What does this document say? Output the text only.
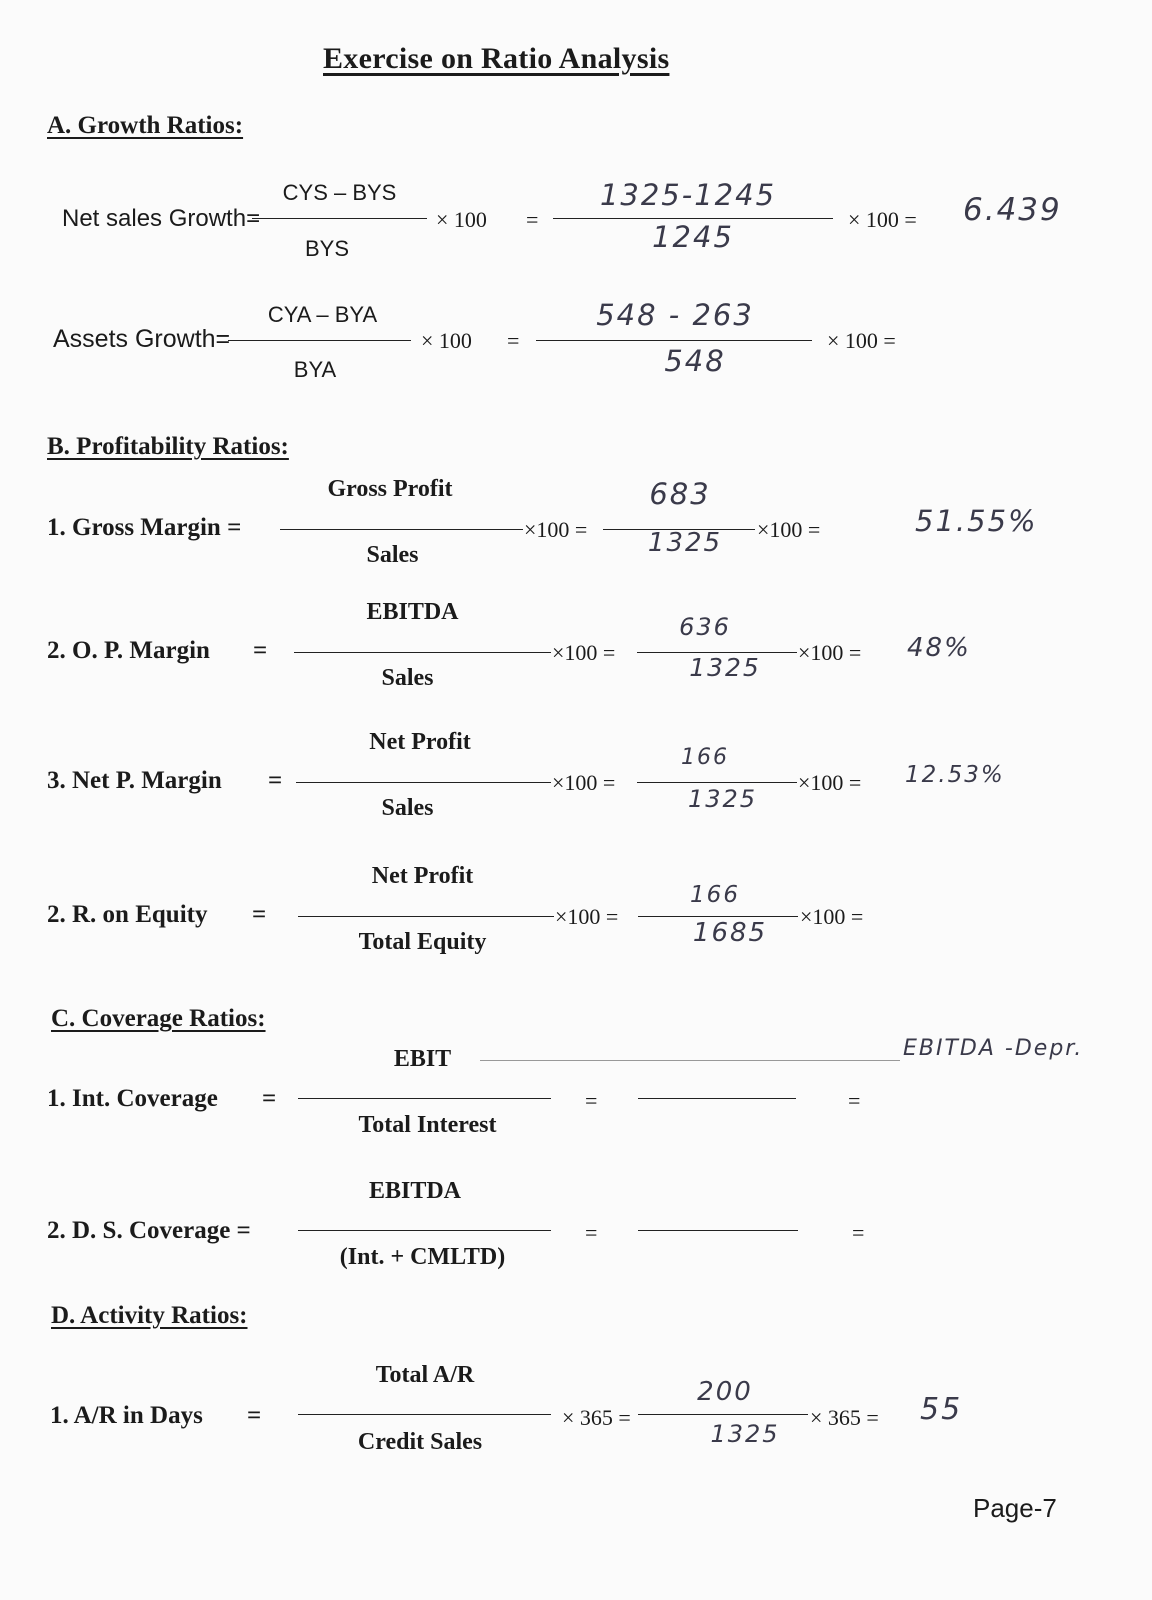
Exercise on Ratio Analysis
A. Growth Ratios:
Net sales Growth=
CYS – BYS
BYS
× 100 =
1325-1245
1245
× 100 = 6.439
Assets Growth=
CYA – BYA
BYA
× 100 =
548 - 263
548
× 100 =
B. Profitability Ratios:
1. Gross Margin =
Gross Profit
Sales
×100 =
683
1325	×100 =	51.55%
2. O. P. Margin =
EBITDA
Sales
×100 =
636
1325
×100 = 48%
3. Net P. Margin =
Net Profit
Sales
×100 =
166
1325
×100 = 12.53%
2. R. on Equity =
Net Profit
Total Equity
×100 =
166
1685
×100 =
C. Coverage Ratios:
EBITDA -Depr.
1. Int. Coverage =
EBIT
Total Interest
=	=
2. D. S. Coverage =
EBITDA
(Int. + CMLTD)
=	=
D. Activity Ratios:
1. A/R in Days =
Total A/R
Credit Sales
× 365 =
200
1325
× 365 = 55
Page-7
